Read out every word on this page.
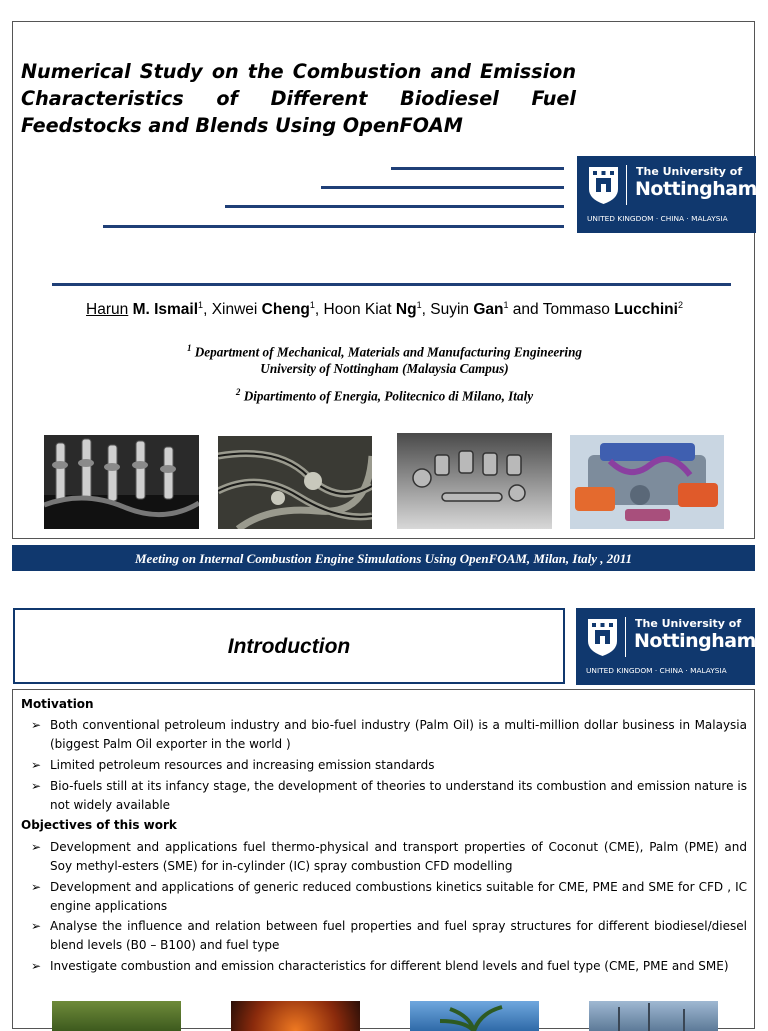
Numerical Study on the Combustion and Emission Characteristics of Different Biodiesel Fuel Feedstocks and Blends Using OpenFOAM
The University of
Nottingham
UNITED KINGDOM · CHINA · MALAYSIA
Harun M. Ismail$^1$, Xinwei Cheng$^1$, Hoon Kiat Ng$^1$, Suyin Gan$^1$ and Tommaso Lucchini$^2$
$^1$ Department of Mechanical, Materials and Manufacturing Engineering
University of Nottingham (Malaysia Campus)
$^2$ Dipartimento of Energia, Politecnico di Milano, Italy
Meeting on Internal Combustion Engine Simulations Using OpenFOAM, Milan, Italy , 2011
Introduction
The University of
Nottingham
UNITED KINGDOM · CHINA · MALAYSIA
Motivation
➢ Both conventional petroleum industry and bio-fuel industry (Palm Oil) is a multi-million dollar business in Malaysia (biggest Palm Oil exporter in the world )
➢ Limited petroleum resources and increasing emission standards
➢ Bio-fuels still at its infancy stage, the development of theories to understand its combustion and emission nature is not widely available
Objectives of this work
➢ Development and applications fuel thermo-physical and transport properties of Coconut (CME), Palm (PME) and Soy methyl-esters (SME) for in-cylinder (IC) spray combustion CFD modelling
➢ Development and applications of generic reduced combustions kinetics suitable for CME, PME and SME for CFD , IC engine applications
➢ Analyse the influence and relation between fuel properties and fuel spray structures for different biodiesel/diesel blend levels (B0 – B100) and fuel type
➢ Investigate combustion and emission characteristics for different blend levels and fuel type (CME, PME and SME)
